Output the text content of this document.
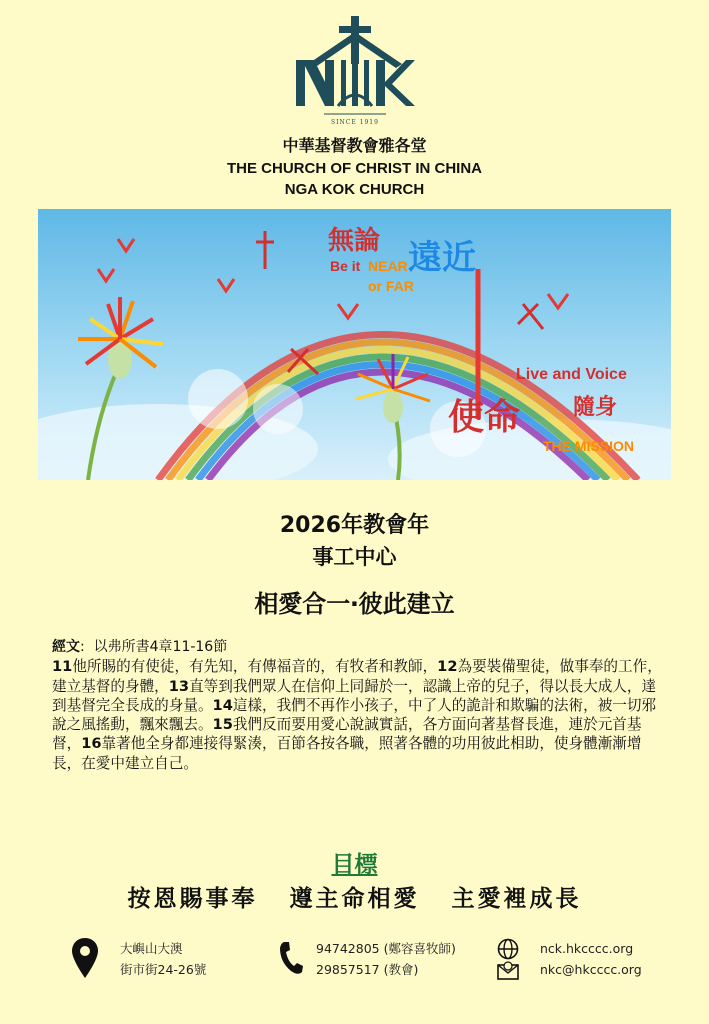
SINCE 1919
中華基督教會雅各堂
THE CHURCH OF CHRIST IN CHINA
NGA KOK CHURCH
無論
Be it NEAR
or FAR
遠近
Live and Voice
使命 隨身
THE MISSION
2026年教會年
事工中心
相愛合一‧彼此建立
經文:  以弗所書4章11-16節
11他所賜的有使徒，有先知，有傳福音的，有牧者和教師，12為要裝備聖徒，做事奉的工作，建立基督的身體，13直等到我們眾人在信仰上同歸於一，認識上帝的兒子，得以長大成人，達到基督完全長成的身量。14這樣，我們不再作小孩子，中了人的詭計和欺騙的法術，被一切邪說之風搖動，飄來飄去。15我們反而要用愛心說誠實話，各方面向著基督長進，連於元首基督，16靠著他全身都連接得緊湊，百節各按各職，照著各體的功用彼此相助，使身體漸漸增長，在愛中建立自己。
目標
按恩賜事奉 遵主命相愛 主愛裡成長
大嶼山大澳
街市街24-26號
94742805 (鄭容喜牧師)
29857517 (教會)
nck.hkcccc.org
nkc@hkcccc.org
